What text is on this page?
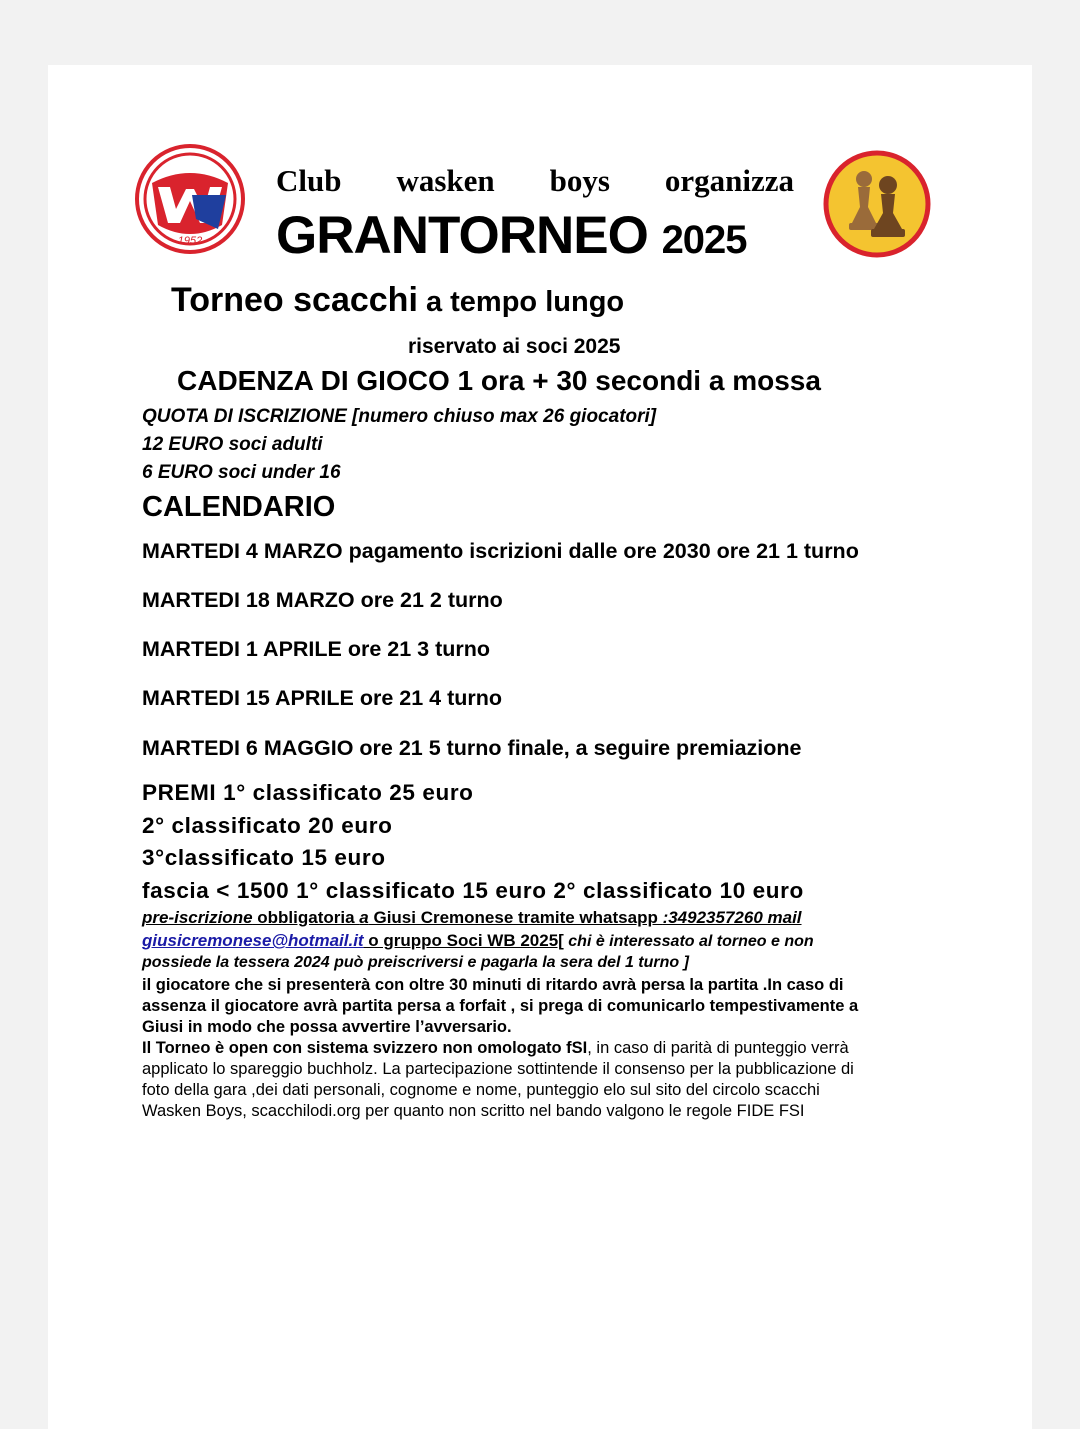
1952
Club wasken boys organizza
GRANTORNEO 2025
Torneo scacchi a tempo lungo
riservato ai soci 2025
CADENZA DI GIOCO 1 ora + 30 secondi a mossa
QUOTA DI ISCRIZIONE [numero chiuso max 26 giocatori]
12 EURO soci adulti
6 EURO soci under 16
CALENDARIO
MARTEDI 4 MARZO pagamento iscrizioni dalle ore 2030 ore 21 1 turno
MARTEDI 18 MARZO ore 21 2 turno
MARTEDI 1 APRILE ore 21 3 turno
MARTEDI 15 APRILE ore 21 4 turno
MARTEDI 6 MAGGIO ore 21 5 turno finale, a seguire premiazione
PREMI 1° classificato 25 euro
2° classificato 20 euro
3°classificato 15 euro
fascia < 1500 1° classificato 15 euro 2° classificato 10 euro
pre-iscrizione obbligatoria a Giusi Cremonese tramite whatsapp :3492357260 mail
giusicremonese@hotmail.it o gruppo Soci WB 2025[ chi è interessato al torneo e non
possiede la tessera 2024 può preiscriversi e pagarla la sera del 1 turno ]
il giocatore che si presenterà con oltre 30 minuti di ritardo avrà persa la partita .In caso di
assenza il giocatore avrà partita persa a forfait , si prega di comunicarlo tempestivamente a
Giusi in modo che possa avvertire l’avversario.
Il Torneo è open con sistema svizzero non omologato fSI, in caso di parità di punteggio verrà
applicato lo spareggio buchholz. La partecipazione sottintende il consenso per la pubblicazione di
foto della gara ,dei dati personali, cognome e nome, punteggio elo sul sito del circolo scacchi
Wasken Boys, scacchilodi.org per quanto non scritto nel bando valgono le regole FIDE FSI
